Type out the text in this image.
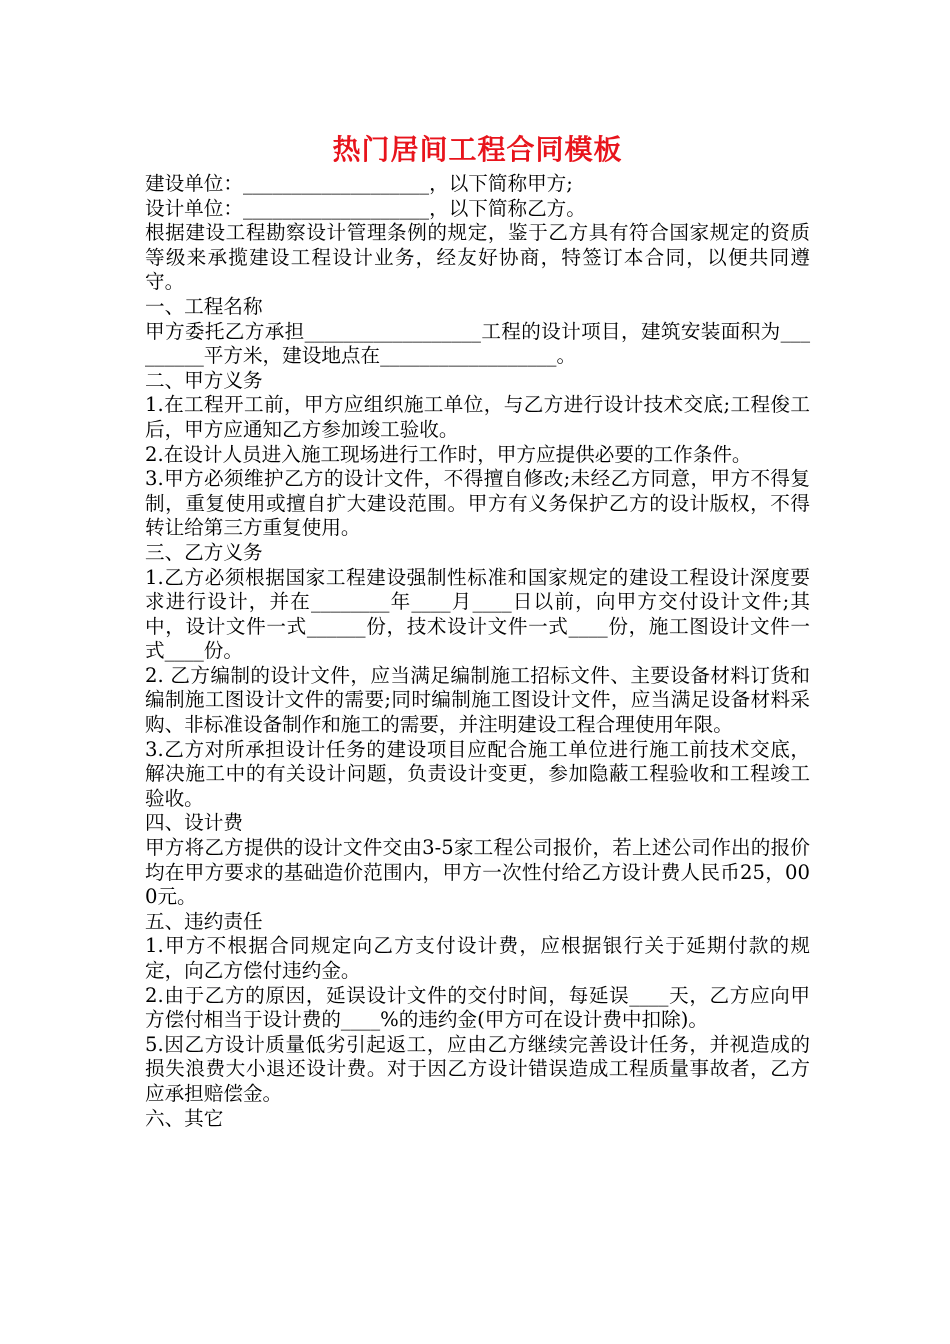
热门居间工程合同模板

建设单位：___________________，以下简称甲方;

设计单位：___________________，以下简称乙方。

根据建设工程勘察设计管理条例的规定，鉴于乙方具有符合国家规定的资质等级来承揽建设工程设计业务，经友好协商，特签订本合同，以便共同遵守。

一、工程名称

甲方委托乙方承担__________________工程的设计项目，建筑安装面积为_________平方米，建设地点在__________________。

二、甲方义务

1.在工程开工前，甲方应组织施工单位，与乙方进行设计技术交底;工程俊工后，甲方应通知乙方参加竣工验收。

2.在设计人员进入施工现场进行工作时，甲方应提供必要的工作条件。

3.甲方必须维护乙方的设计文件，不得擅自修改;未经乙方同意，甲方不得复制，重复使用或擅自扩大建设范围。甲方有义务保护乙方的设计版权，不得转让给第三方重复使用。

三、乙方义务

1.乙方必须根据国家工程建设强制性标准和国家规定的建设工程设计深度要求进行设计，并在________年____月____日以前，向甲方交付设计文件;其中，设计文件一式______份，技术设计文件一式____份，施工图设计文件一式____份。

2. 乙方编制的设计文件，应当满足编制施工招标文件、主要设备材料订货和编制施工图设计文件的需要;同时编制施工图设计文件，应当满足设备材料采购、非标准设备制作和施工的需要，并注明建设工程合理使用年限。

3.乙方对所承担设计任务的建设项目应配合施工单位进行施工前技术交底，解决施工中的有关设计问题，负责设计变更，参加隐蔽工程验收和工程竣工验收。

四、设计费

甲方将乙方提供的设计文件交由3-5家工程公司报价，若上述公司作出的报价均在甲方要求的基础造价范围内，甲方一次性付给乙方设计费人民币25，000元。

五、违约责任

1.甲方不根据合同规定向乙方支付设计费，应根据银行关于延期付款的规定，向乙方偿付违约金。

2.由于乙方的原因，延误设计文件的交付时间，每延误____天，乙方应向甲方偿付相当于设计费的____%的违约金(甲方可在设计费中扣除)。

5.因乙方设计质量低劣引起返工，应由乙方继续完善设计任务，并视造成的损失浪费大小退还设计费。对于因乙方设计错误造成工程质量事故者，乙方应承担赔偿金。

六、其它
